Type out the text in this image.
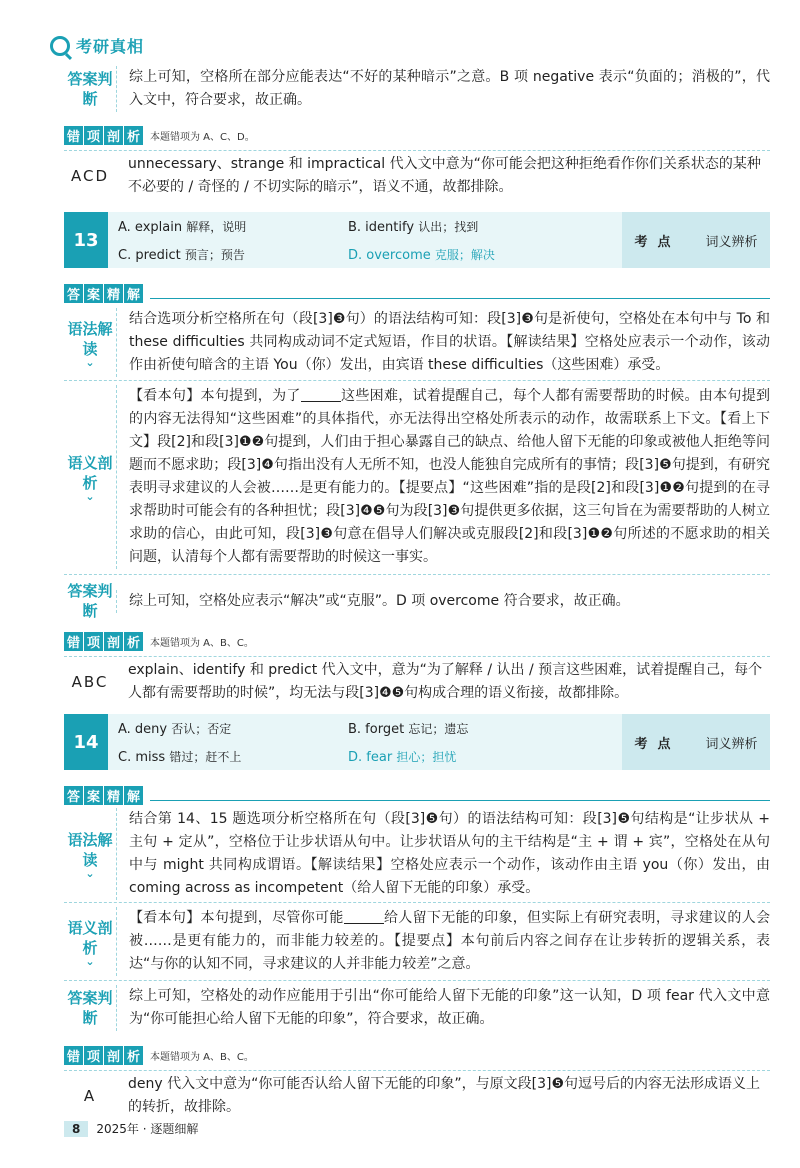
考研真相
答案判断
综上可知，空格所在部分应能表达“不好的某种暗示”之意。B 项 negative 表示“负面的；消极的”，代入文中，符合要求，故正确。
错 项 剖 析	本题错项为 A、C、D。
ACD
unnecessary、strange 和 impractical 代入文中意为“你可能会把这种拒绝看作你们关系状态的某种不必要的 / 奇怪的 / 不切实际的暗示”，语义不通，故都排除。
13
A. explain 解释，说明	B. identify 认出；找到
C. predict 预言；预告	D. overcome 克服；解决
考点 词义辨析
答 案 精 解
语法解读 ⌄
结合选项分析空格所在句（段[3]❸句）的语法结构可知：段[3]❸句是祈使句，空格处在本句中与 To 和 these difficulties 共同构成动词不定式短语，作目的状语。【解读结果】空格处应表示一个动作，该动作由祈使句暗含的主语 You（你）发出，由宾语 these difficulties（这些困难）承受。
语义剖析 ⌄
【看本句】本句提到，为了	这些困难，试着提醒自己，每个人都有需要帮助的时候。由本句提到的内容无法得知“这些困难”的具体指代，亦无法得出空格处所表示的动作，故需联系上下文。【看上下文】段[2]和段[3]❶❷句提到，人们由于担心暴露自己的缺点、给他人留下无能的印象或被他人拒绝等问题而不愿求助；段[3]❹句指出没有人无所不知，也没人能独自完成所有的事情；段[3]❺句提到，有研究表明寻求建议的人会被……是更有能力的。【提要点】“这些困难”指的是段[2]和段[3]❶❷句提到的在寻求帮助时可能会有的各种担忧；段[3]❹❺句为段[3]❸句提供更多依据，这三句旨在为需要帮助的人树立求助的信心，由此可知，段[3]❸句意在倡导人们解决或克服段[2]和段[3]❶❷句所述的不愿求助的相关问题，认清每个人都有需要帮助的时候这一事实。
答案判断
综上可知，空格处应表示“解决”或“克服”。D 项 overcome 符合要求，故正确。
错 项 剖 析	本题错项为 A、B、C。
ABC
explain、identify 和 predict 代入文中，意为“为了解释 / 认出 / 预言这些困难，试着提醒自己，每个人都有需要帮助的时候”，均无法与段[3]❹❺句构成合理的语义衔接，故都排除。
14
A. deny 否认；否定	B. forget 忘记；遗忘
C. miss 错过；赶不上	D. fear 担心；担忧
考点 词义辨析
答 案 精 解
语法解读 ⌄
结合第 14、15 题选项分析空格所在句（段[3]❺句）的语法结构可知：段[3]❺句结构是“让步状从 + 主句 + 定从”，空格位于让步状语从句中。让步状语从句的主干结构是“主 + 谓 + 宾”，空格处在从句中与 might 共同构成谓语。【解读结果】空格处应表示一个动作，该动作由主语 you（你）发出，由 coming across as incompetent（给人留下无能的印象）承受。
语义剖析 ⌄
【看本句】本句提到，尽管你可能	给人留下无能的印象，但实际上有研究表明，寻求建议的人会被……是更有能力的，而非能力较差的。【提要点】本句前后内容之间存在让步转折的逻辑关系，表达“与你的认知不同，寻求建议的人并非能力较差”之意。
答案判断
综上可知，空格处的动作应能用于引出“你可能给人留下无能的印象”这一认知，D 项 fear 代入文中意为“你可能担心给人留下无能的印象”，符合要求，故正确。
错 项 剖 析	本题错项为 A、B、C。
A
deny 代入文中意为“你可能否认给人留下无能的印象”，与原文段[3]❺句逗号后的内容无法形成语义上的转折，故排除。
8	2025年 · 逐题细解
